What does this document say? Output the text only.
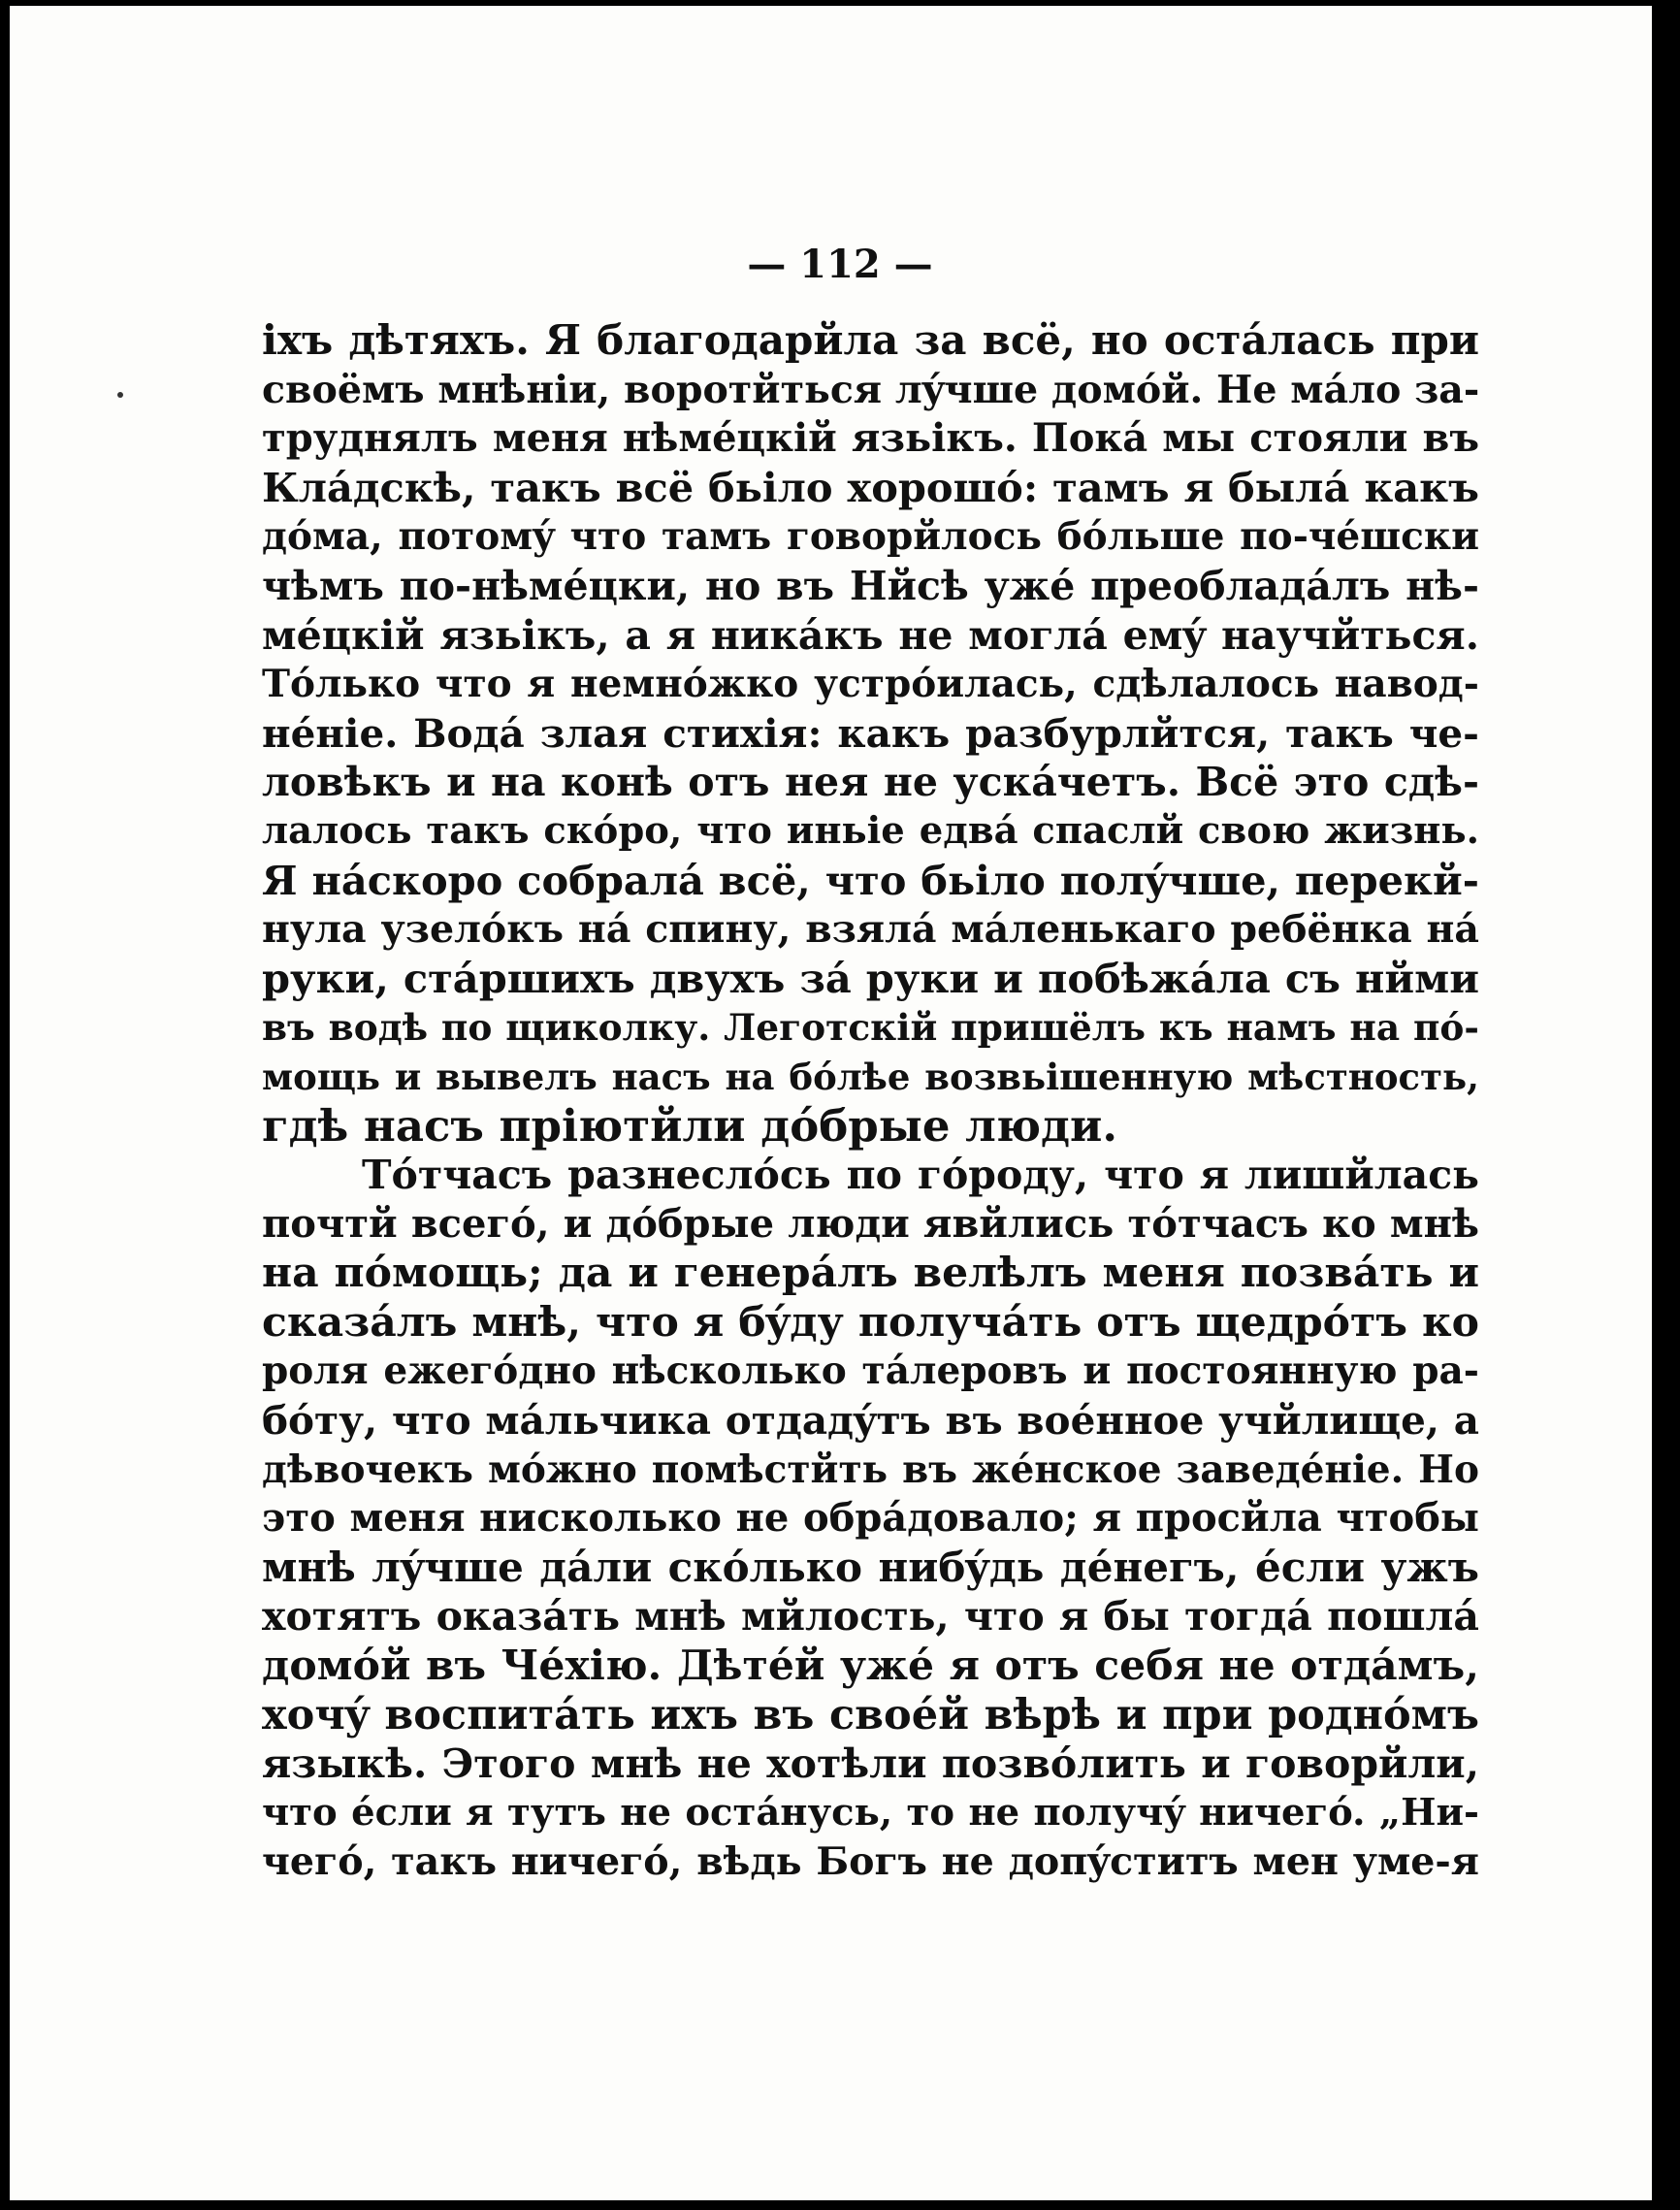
— 112 —
іхъ дѣтяхъ. Я благодарйла за всё, но остáлась при
своёмъ мнѣніи, воротйться лýчше домóй. Не мáло за-
труднялъ меня нѣмéцкій язьікъ. Покá мы стояли въ
Клáдскѣ, такъ всё бьіло хорошó: тамъ я былá какъ
дóма, потомý что тамъ говорйлось бóльше по-чéшски
чѣмъ по-нѣмéцки, но въ Нйсѣ ужé преобладáлъ нѣ-
мéцкій язьікъ, а я никáкъ не моглá емý научйться.
Тóлько что я немнóжко устрóилась, сдѣлалось навод-
нéніе. Водá злая стихія: какъ разбурлйтся, такъ че-
ловѣкъ и на конѣ отъ нея не ускáчетъ. Всё это сдѣ-
лалось такъ скóро, что иньіе едвá спаслй свою жизнь.
Я нáскоро собралá всё, что бьіло полýчше, перекй-
нула узелóкъ нá спину, взялá мáленькаго ребёнка нá
руки, стáршихъ двухъ зá руки и побѣжáла съ нйми
въ водѣ по щиколку. Леготскій пришёлъ къ намъ на пó-
мощь и вывелъ насъ на бóлѣе возвьішенную мѣстность,
гдѣ насъ пріютйли дóбрые люди.
Тóтчасъ разнеслóсь по гóроду, что я лишйлась
почтй всегó, и дóбрые люди явйлись тóтчасъ ко мнѣ
на пóмощь; да и генерáлъ велѣлъ меня позвáть и
сказáлъ мнѣ, что я бýду получáть отъ щедрóтъ ко
роля ежегóдно нѣсколько тáлеровъ и постоянную ра-
бóту, что мáльчика отдадýтъ въ воéнное учйлище, а
дѣвочекъ мóжно помѣстйть въ жéнское заведéніе. Но
это меня нисколько не обрáдовало; я просйла чтобы
мнѣ лýчше дáли скóлько нибýдь дéнегъ, éсли ужъ
хотятъ оказáть мнѣ мйлость, что я бы тогдá пошлá
домóй въ Чéхію. Дѣтéй ужé я отъ себя не отдáмъ,
хочý воспитáть ихъ въ своéй вѣрѣ и при роднóмъ
языкѣ. Этого мнѣ не хотѣли позвóлить и говорйли,
что éсли я тутъ не остáнусь, то не получý ничегó. „Ни-
чегó, такъ ничегó, вѣдь Богъ не допýститъ мен уме-я
